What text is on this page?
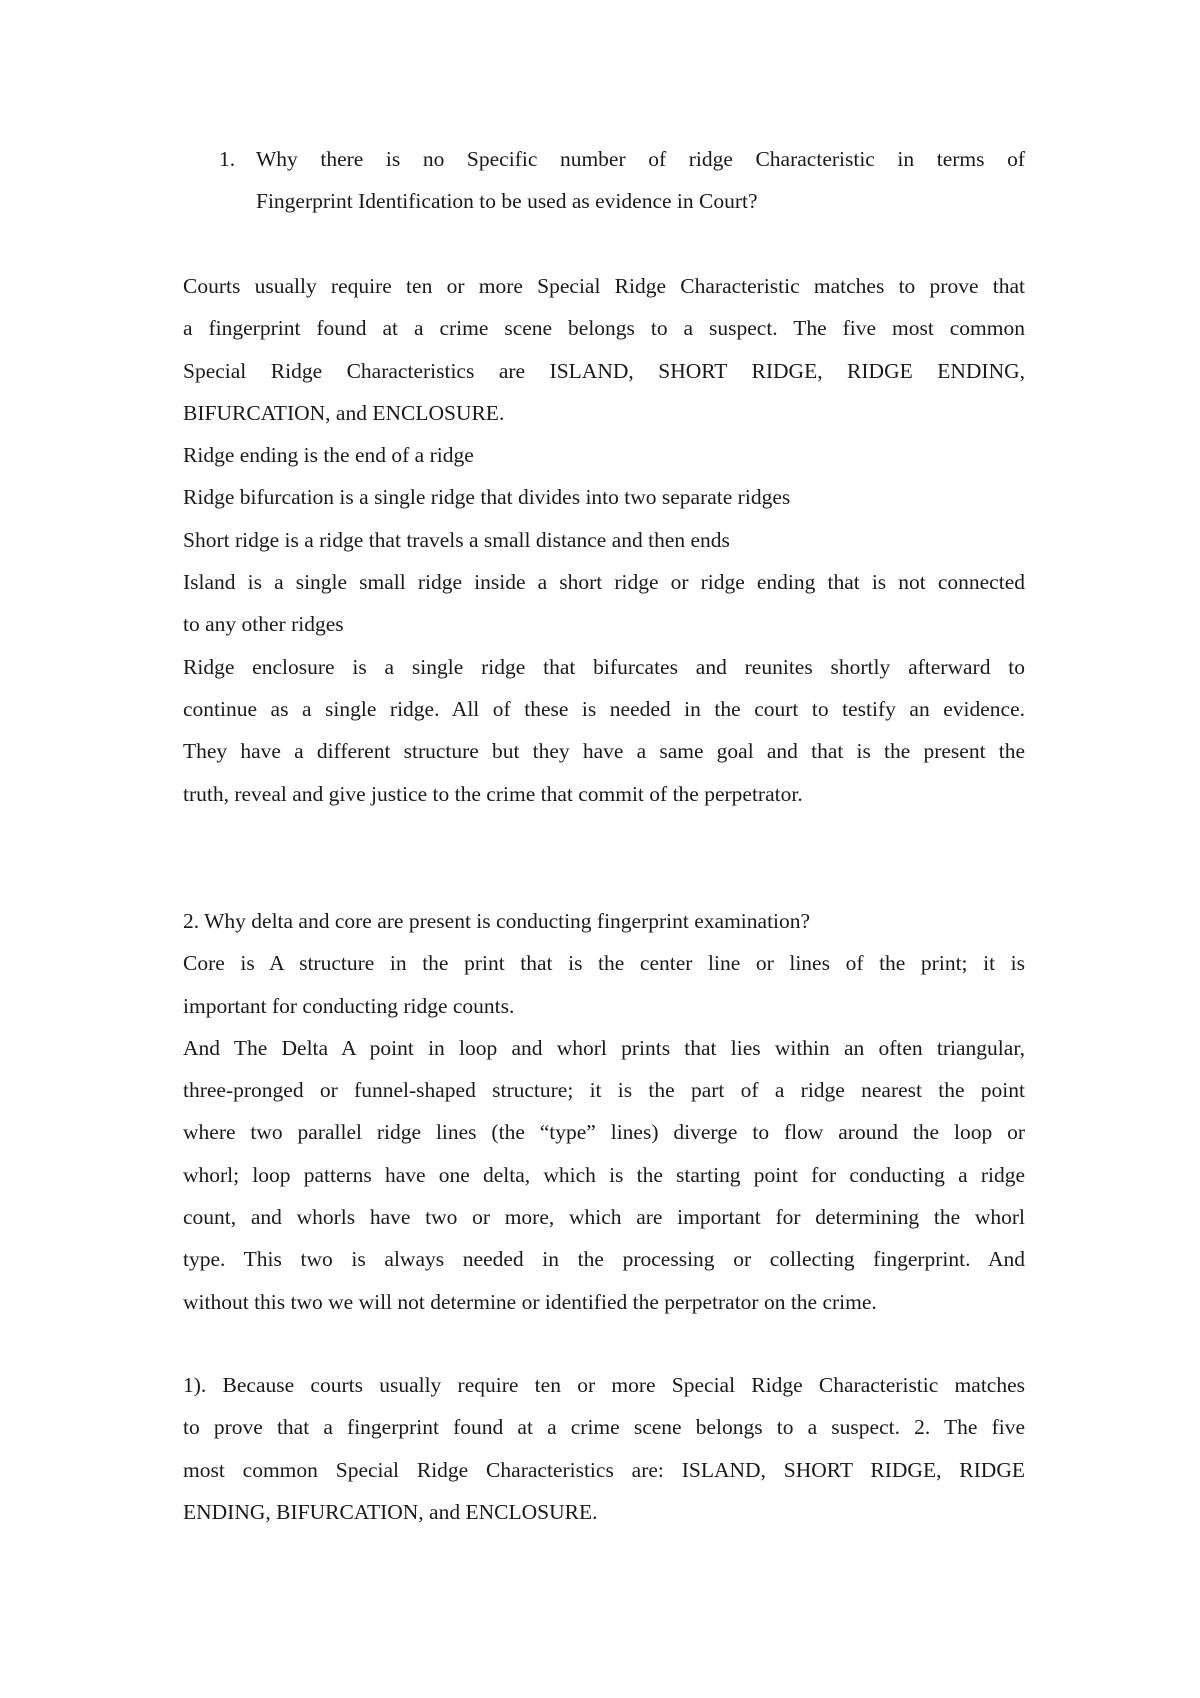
1. Why there is no Specific number of ridge Characteristic in terms of
Fingerprint Identification to be used as evidence in Court?
Courts usually require ten or more Special Ridge Characteristic matches to prove that
a fingerprint found at a crime scene belongs to a suspect. The five most common
Special Ridge Characteristics are ISLAND, SHORT RIDGE, RIDGE ENDING,
BIFURCATION, and ENCLOSURE.
Ridge ending is the end of a ridge
Ridge bifurcation is a single ridge that divides into two separate ridges
Short ridge is a ridge that travels a small distance and then ends
Island is a single small ridge inside a short ridge or ridge ending that is not connected
to any other ridges
Ridge enclosure is a single ridge that bifurcates and reunites shortly afterward to
continue as a single ridge. All of these is needed in the court to testify an evidence.
They have a different structure but they have a same goal and that is the present the
truth, reveal and give justice to the crime that commit of the perpetrator.
2. Why delta and core are present is conducting fingerprint examination?
Core is A structure in the print that is the center line or lines of the print; it is
important for conducting ridge counts.
And The Delta A point in loop and whorl prints that lies within an often triangular,
three-pronged or funnel-shaped structure; it is the part of a ridge nearest the point
where two parallel ridge lines (the “type” lines) diverge to flow around the loop or
whorl; loop patterns have one delta, which is the starting point for conducting a ridge
count, and whorls have two or more, which are important for determining the whorl
type. This two is always needed in the processing or collecting fingerprint. And
without this two we will not determine or identified the perpetrator on the crime.
1). Because courts usually require ten or more Special Ridge Characteristic matches
to prove that a fingerprint found at a crime scene belongs to a suspect. 2. The five
most common Special Ridge Characteristics are: ISLAND, SHORT RIDGE, RIDGE
ENDING, BIFURCATION, and ENCLOSURE.
